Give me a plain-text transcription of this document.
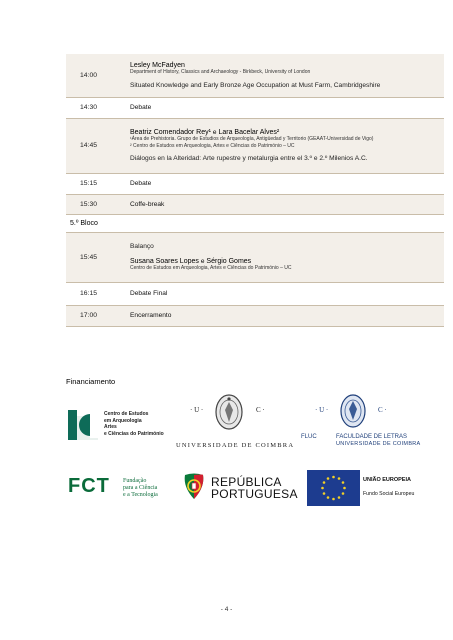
14:00	Lesley McFadyen
Department of History, Classics and Archaeology - Birkbeck, University of London
Situated Knowledge and Early Bronze Age Occupation at Must Farm, Cambridgeshire

14:30	Debate
14:45	Beatriz Comendador Rey¹ e Lara Bacelar Alves²
¹Área de Prehistoria. Grupo de Estudios de Arqueología, Antigüedad y Territorio (GEAAT-Universidad de Vigo)
² Centro de Estudos em Arqueologia, Artes e Ciências do Património – UC
Diálogos en la Alteridad: Arte rupestre y metalurgia entre el 3.º e 2.º Milenios A.C.

15:15	Debate
15:30	Coffe-break
5.º Bloco	
15:45	Balanço
Susana Soares Lopes e Sérgio Gomes
Centro de Estudos em Arqueologia, Artes e Ciências do Património – UC

16:15	Debate Final
17:00	Encerramento
Financiamento
Centro de Estudos
em Arqueologia
Artes
e Ciências do Património
· U ·	C ·
UNIVERSIDADE DE COIMBRA
· U ·	C ·
FLUC	FACULDADE DE LETRAS
UNIVERSIDADE DE COIMBRA
FCT Fundação
para a Ciência
e a Tecnologia
REPÚBLICA
PORTUGUESA
UNIÃO EUROPEIA
Fundo Social Europeu
- 4 -
